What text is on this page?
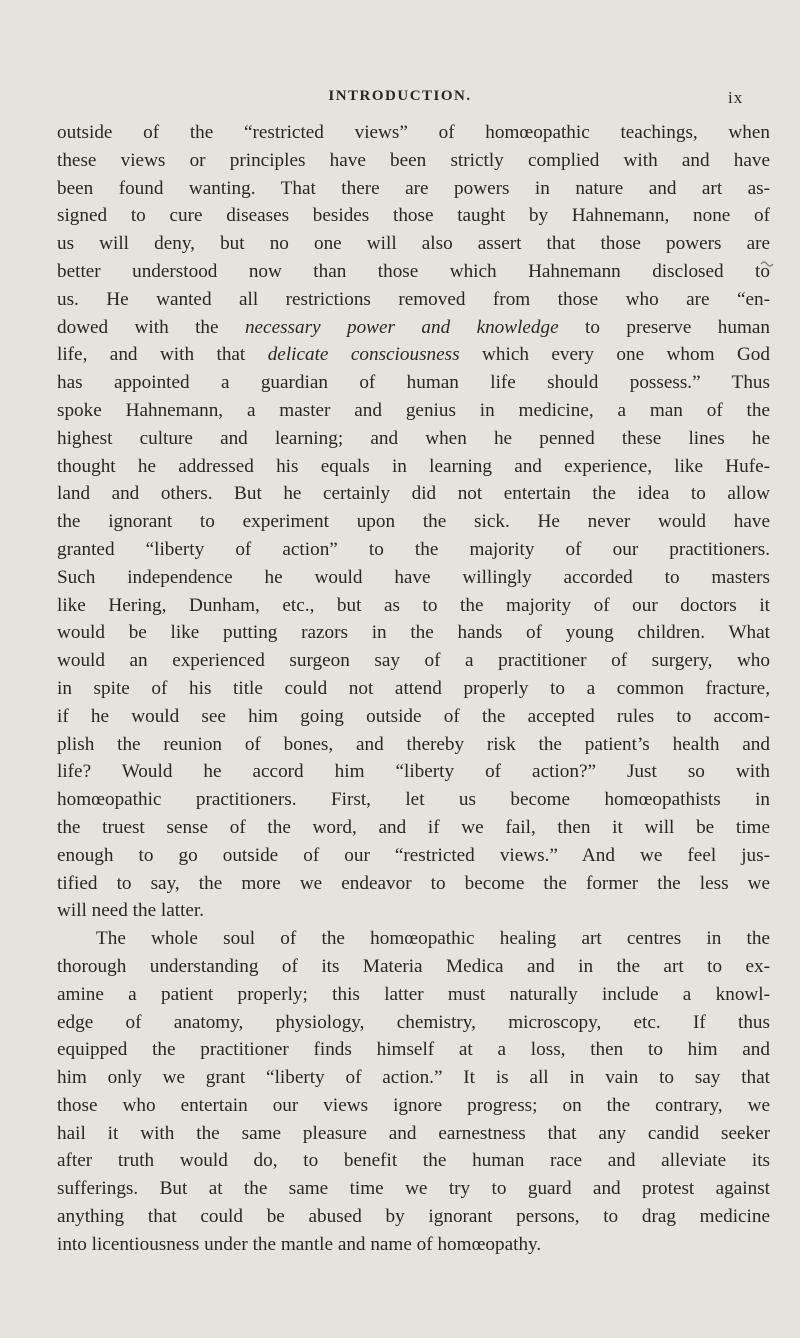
INTRODUCTION.	ix
outside of the “restricted views” of homœopathic teachings, when
these views or principles have been strictly complied with and have
been found wanting. That there are powers in nature and art as-
signed to cure diseases besides those taught by Hahnemann, none of
us will deny, but no one will also assert that those powers are
better understood now than those which Hahnemann disclosed to
us. He wanted all restrictions removed from those who are “en-
dowed with the necessary power and knowledge to preserve human
life, and with that delicate consciousness which every one whom God
has appointed a guardian of human life should possess.” Thus
spoke Hahnemann, a master and genius in medicine, a man of the
highest culture and learning; and when he penned these lines he
thought he addressed his equals in learning and experience, like Hufe-
land and others. But he certainly did not entertain the idea to allow
the ignorant to experiment upon the sick. He never would have
granted “liberty of action” to the majority of our practitioners.
Such independence he would have willingly accorded to masters
like Hering, Dunham, etc., but as to the majority of our doctors it
would be like putting razors in the hands of young children. What
would an experienced surgeon say of a practitioner of surgery, who
in spite of his title could not attend properly to a common fracture,
if he would see him going outside of the accepted rules to accom-
plish the reunion of bones, and thereby risk the patient’s health and
life? Would he accord him “liberty of action?” Just so with
homœopathic practitioners. First, let us become homœopathists in
the truest sense of the word, and if we fail, then it will be time
enough to go outside of our “restricted views.” And we feel jus-
tified to say, the more we endeavor to become the former the less we
will need the latter.
The whole soul of the homœopathic healing art centres in the
thorough understanding of its Materia Medica and in the art to ex-
amine a patient properly; this latter must naturally include a knowl-
edge of anatomy, physiology, chemistry, microscopy, etc. If thus
equipped the practitioner finds himself at a loss, then to him and
him only we grant “liberty of action.” It is all in vain to say that
those who entertain our views ignore progress; on the contrary, we
hail it with the same pleasure and earnestness that any candid seeker
after truth would do, to benefit the human race and alleviate its
sufferings. But at the same time we try to guard and protest against
anything that could be abused by ignorant persons, to drag medicine
into licentiousness under the mantle and name of homœopathy.
